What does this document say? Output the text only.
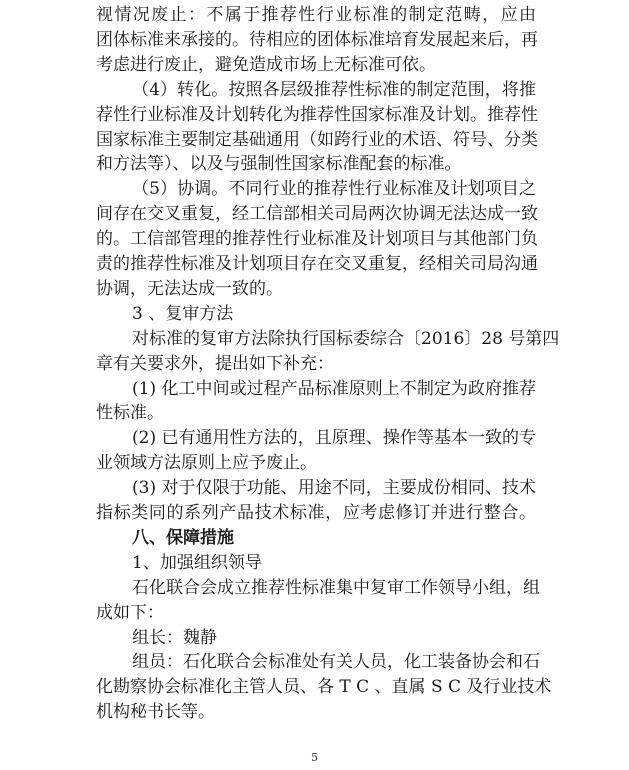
视情况废止：不属于推荐性行业标准的制定范畴，应由
团体标准来承接的。待相应的团体标准培育发展起来后，再
考虑进行废止，避免造成市场上无标准可依。
（4）转化。按照各层级推荐性标准的制定范围，将推
荐性行业标准及计划转化为推荐性国家标准及计划。推荐性
国家标准主要制定基础通用（如跨行业的术语、符号、分类
和方法等）、以及与强制性国家标准配套的标准。
（5）协调。不同行业的推荐性行业标准及计划项目之
间存在交叉重复，经工信部相关司局两次协调无法达成一致
的。工信部管理的推荐性行业标准及计划项目与其他部门负
责的推荐性标准及计划项目存在交叉重复，经相关司局沟通
协调，无法达成一致的。
3 、复审方法
对标准的复审方法除执行国标委综合〔2016〕28 号第四
章有关要求外，提出如下补充：
(1) 化工中间或过程产品标准原则上不制定为政府推荐
性标准。
(2) 已有通用性方法的，且原理、操作等基本一致的专
业领域方法原则上应予废止。
(3) 对于仅限于功能、用途不同，主要成份相同、技术
指标类同的系列产品技术标准，应考虑修订并进行整合。
八、保障措施
1、加强组织领导
石化联合会成立推荐性标准集中复审工作领导小组，组
成如下：
组长：魏静
组员：石化联合会标准处有关人员，化工装备协会和石
化勘察协会标准化主管人员、各 T C 、直属 S C 及行业技术
机构秘书长等。
5
